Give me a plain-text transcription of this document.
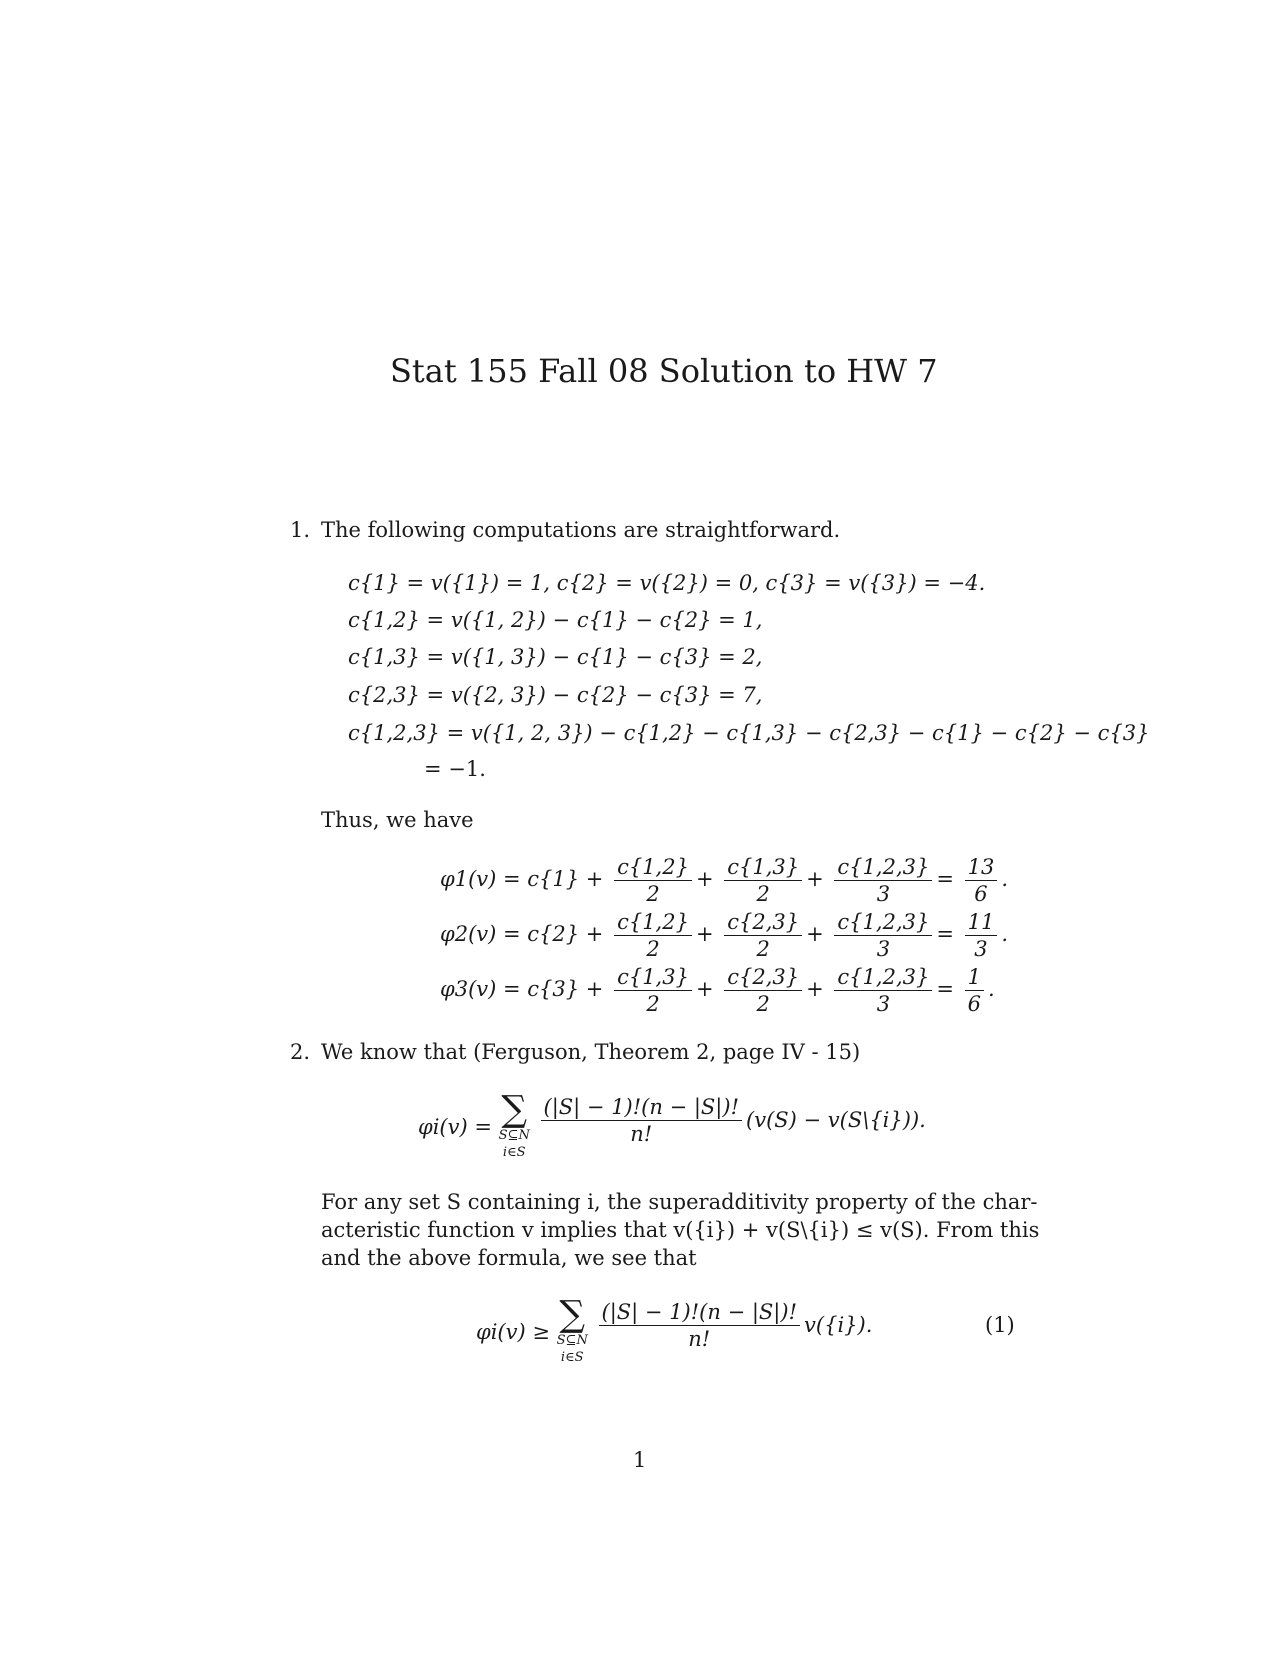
Stat 155 Fall 08 Solution to HW 7
1. The following computations are straightforward.
c{1} = v({1}) = 1, c{2} = v({2}) = 0, c{3} = v({3}) = −4.
c{1,2} = v({1, 2}) − c{1} − c{2} = 1,
c{1,3} = v({1, 3}) − c{1} − c{3} = 2,
c{2,3} = v({2, 3}) − c{2} − c{3} = 7,
c{1,2,3} = v({1, 2, 3}) − c{1,2} − c{1,3} − c{2,3} − c{1} − c{2} − c{3}
= −1.
Thus, we have
$\varphi 1(v) = c\{1\} + \frac{c\{1,2\}}{2} + \frac{c\{1,3\}}{2} + \frac{c\{1,2,3\}}{3} = \frac{13}{6}$ .
$\varphi 2(v) = c\{2\} + \frac{c\{1,2\}}{2} + \frac{c\{2,3\}}{2} + \frac{c\{1,2,3\}}{3} = \frac{11}{3}$ .
$\varphi 3(v) = c\{3\} + \frac{c\{1,3\}}{2} + \frac{c\{2,3\}}{2} + \frac{c\{1,2,3\}}{3} = \frac{1}{6}$ .
2. We know that (Ferguson, Theorem 2, page IV - 15)
φi(v) = ∑
S⊆N
i∈S

$\frac{(|S| - 1)!(n - |S|)!}{n!} (v(S)$ − v(S\{i})).
For any set S containing i, the superadditivity property of the char-
acteristic function v implies that v({i}) + v(S\{i}) ≤ v(S). From this
and the above formula, we see that
φi(v) ≥ ∑
S⊆N
i∈S

$\frac{(|S| - 1)!(n - |S|)!}{n!} v(\{i\})$.	(1)
1
